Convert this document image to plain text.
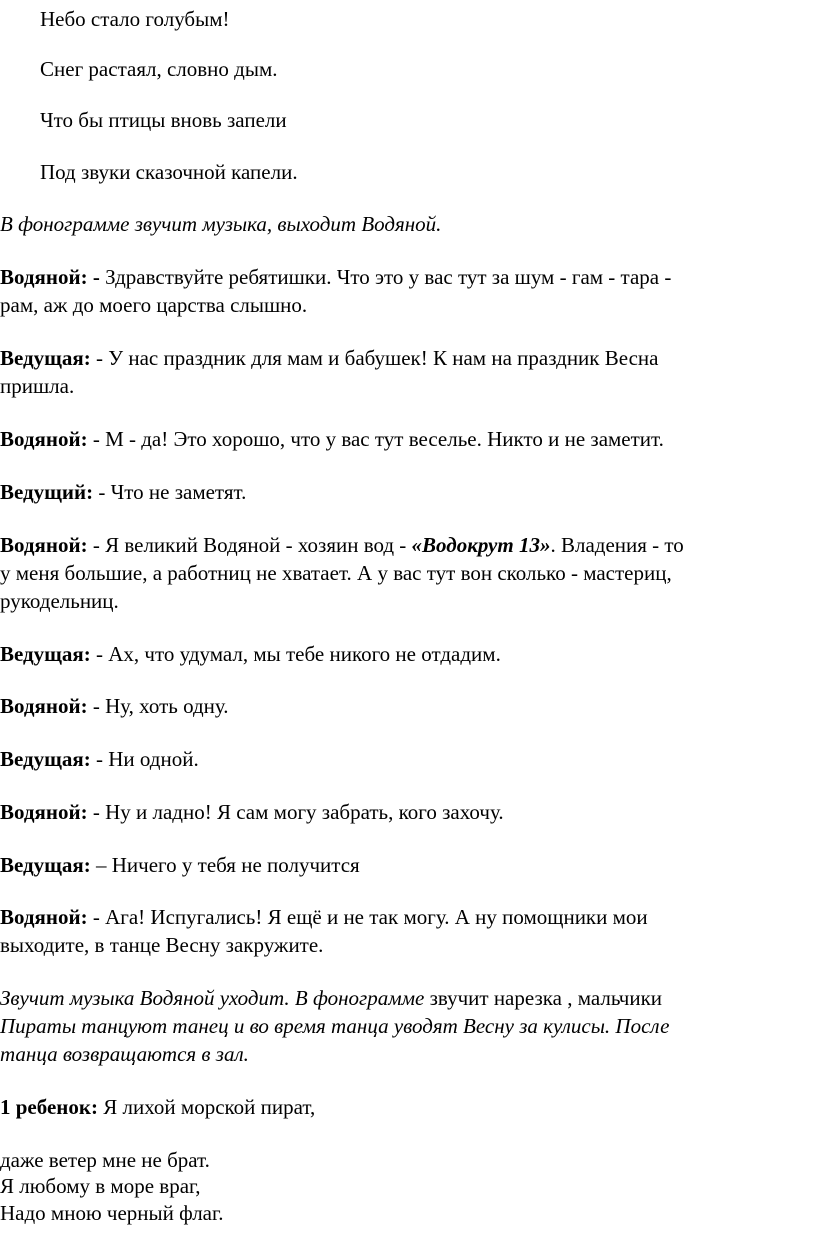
Небо стало голубым!
Снег растаял, словно дым.
Что бы птицы вновь запели
Под звуки сказочной капели.
В фонограмме звучит музыка, выходит Водяной.
Водяной: - Здравствуйте ребятишки. Что это у вас тут за шум - гам - тара -
рам, аж до моего царства слышно.
Ведущая: - У нас праздник для мам и бабушек! К нам на праздник Весна
пришла.
Водяной: - М - да! Это хорошо, что у вас тут веселье. Никто и не заметит.
Ведущий: - Что не заметят.
Водяной: - Я великий Водяной - хозяин вод - «Водокрут 13». Владения - то
у меня большие, а работниц не хватает. А у вас тут вон сколько - мастериц,
рукодельниц.
Ведущая: - Ах, что удумал, мы тебе никого не отдадим.
Водяной: - Ну, хоть одну.
Ведущая: - Ни одной.
Водяной: - Ну и ладно! Я сам могу забрать, кого захочу.
Ведущая: – Ничего у тебя не получится
Водяной: - Ага! Испугались! Я ещё и не так могу. А ну помощники мои
выходите, в танце Весну закружите.
Звучит музыка Водяной уходит. В фонограмме звучит нарезка , мальчики
Пираты танцуют танец и во время танца уводят Весну за кулисы. После
танца возвращаются в зал.
1 ребенок: Я лихой морской пират,
даже ветер мне не брат.
Я любому в море враг,
Надо мною черный флаг.
